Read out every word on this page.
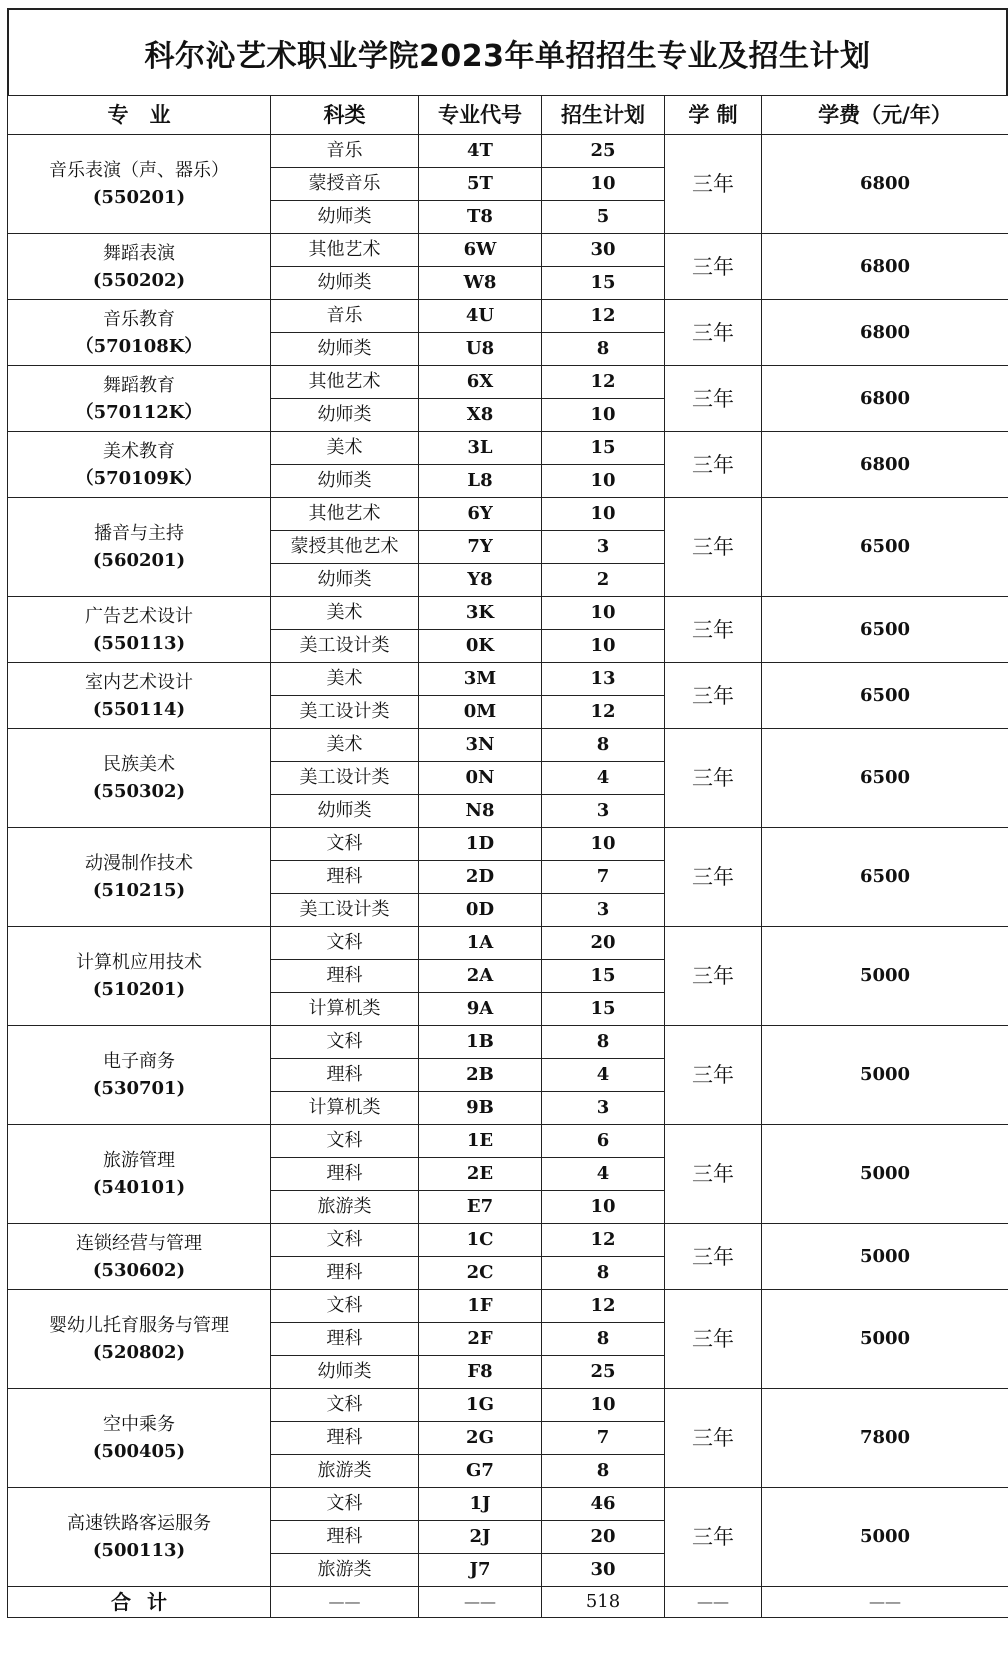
科尔沁艺术职业学院2023年单招招生专业及招生计划
专　业	科类	专业代号	招生计划	学 制	学费（元/年）

音乐表演（声、器乐）
(550201)	音乐	4T	25	三年	6800
	蒙授音乐	5T	10		
	幼师类	T8	5		

舞蹈表演
(550202)	其他艺术	6W	30	三年	6800
	幼师类	W8	15		

音乐教育
（570108K）	音乐	4U	12	三年	6800
	幼师类	U8	8		

舞蹈教育
（570112K）	其他艺术	6X	12	三年	6800
	幼师类	X8	10		

美术教育
（570109K）	美术	3L	15	三年	6800
	幼师类	L8	10		

播音与主持
(560201)	其他艺术	6Y	10	三年	6500
	蒙授其他艺术	7Y	3		
	幼师类	Y8	2		

广告艺术设计
(550113)	美术	3K	10	三年	6500
	美工设计类	0K	10		

室内艺术设计
(550114)	美术	3M	13	三年	6500
	美工设计类	0M	12		

民族美术
(550302)	美术	3N	8	三年	6500
	美工设计类	0N	4		
	幼师类	N8	3		

动漫制作技术
(510215)	文科	1D	10	三年	6500
	理科	2D	7		
	美工设计类	0D	3		

计算机应用技术
(510201)	文科	1A	20	三年	5000
	理科	2A	15		
	计算机类	9A	15		

电子商务
(530701)	文科	1B	8	三年	5000
	理科	2B	4		
	计算机类	9B	3		

旅游管理
(540101)	文科	1E	6	三年	5000
	理科	2E	4		
	旅游类	E7	10		

连锁经营与管理
(530602)	文科	1C	12	三年	5000
	理科	2C	8		

婴幼儿托育服务与管理
(520802)	文科	1F	12	三年	5000
	理科	2F	8		
	幼师类	F8	25		

空中乘务
(500405)	文科	1G	10	三年	7800
	理科	2G	7		
	旅游类	G7	8		

高速铁路客运服务
(500113)	文科	1J	46	三年	5000
	理科	2J	20		
	旅游类	J7	30		
合计	——	——	518	——	——
